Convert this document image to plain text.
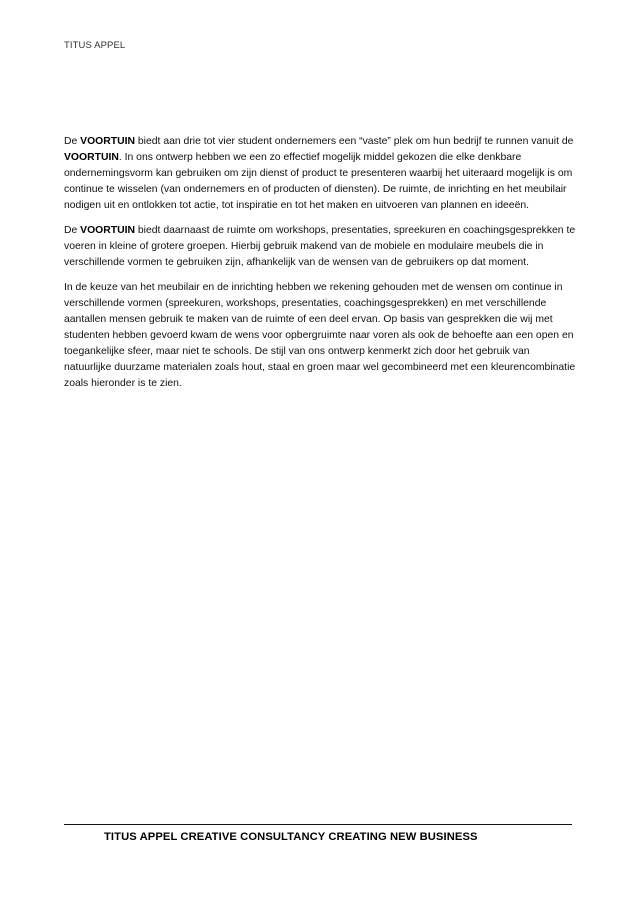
TITUS APPEL

De VOORTUIN biedt aan drie tot vier student ondernemers een “vaste” plek om hun bedrijf te runnen vanuit de VOORTUIN. In ons ontwerp hebben we een zo effectief mogelijk middel gekozen die elke denkbare ondernemingsvorm kan gebruiken om zijn dienst of product te presenteren waarbij het uiteraard mogelijk is om continue te wisselen (van ondernemers en of producten of diensten). De ruimte, de inrichting en het meubilair nodigen uit en ontlokken tot actie, tot inspiratie en tot het maken en uitvoeren van plannen en ideeën.

De VOORTUIN biedt daarnaast de ruimte om workshops, presentaties, spreekuren en coachingsgesprekken te voeren in kleine of grotere groepen. Hierbij gebruik makend van de mobiele en modulaire meubels die in verschillende vormen te gebruiken zijn, afhankelijk van de wensen van de gebruikers op dat moment.

In de keuze van het meubilair en de inrichting hebben we rekening gehouden met de wensen om continue in verschillende vormen (spreekuren, workshops, presentaties, coachingsgesprekken) en met verschillende aantallen mensen gebruik te maken van de ruimte of een deel ervan. Op basis van gesprekken die wij met studenten hebben gevoerd kwam de wens voor opbergruimte naar voren als ook de behoefte aan een open en toegankelijke sfeer, maar niet te schools. De stijl van ons ontwerp kenmerkt zich door het gebruik van natuurlijke duurzame materialen zoals hout, staal en groen maar wel gecombineerd met een kleurencombinatie zoals hieronder is te zien.

TITUS APPEL CREATIVE CONSULTANCY CREATING NEW BUSINESS
